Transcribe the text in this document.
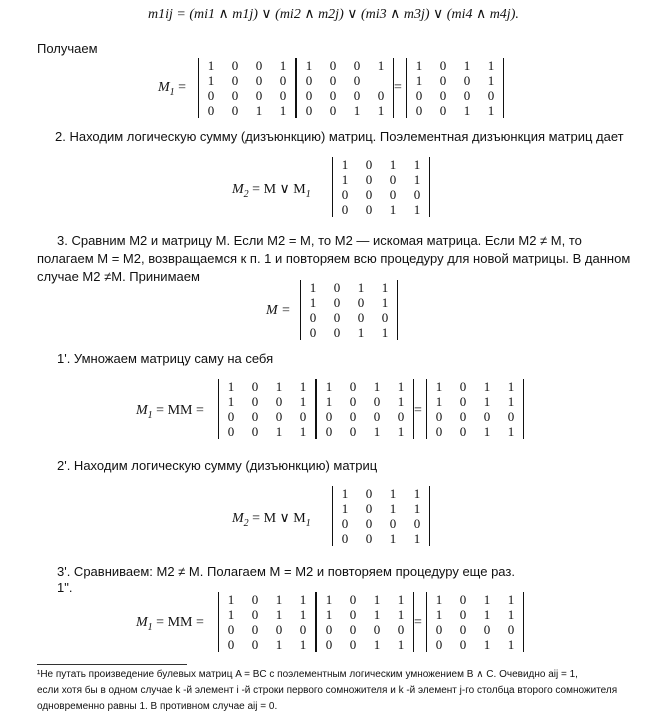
m1ij = (mi1 ∧ m1j) ∨ (mi2 ∧ m2j) ∨ (mi3 ∧ m3j) ∨ (mi4 ∧ m4j).
Получаем
$M_1$ =
1	0	0	1
1	0	0	0
0	0	0	0
0	0	1	1
1	0	0	1
0	0	0
0	0	0	0
0	0	1	1
=
1	0	1	1
1	0	0	1
0	0	0	0
0	0	1	1
2. Находим логическую сумму (дизъюнкцию) матриц. Поэлементная дизъюнкция матриц дает
$M_2 = M$ ∨ $M_1$
1	0	1	1
1	0	0	1
0	0	0	0
0	0	1	1
3. Сравним M2 и матрицу M. Если M2 = M, то M2 — искомая матрица. Если M2 ≠ M, то
полагаем M = M2, возвращаемся к п. 1 и повторяем всю процедуру для новой матрицы. В данном
случае M2 ≠M. Принимаем
M =
1	0	1	1
1	0	0	1
0	0	0	0
0	0	1	1
1'. Умножаем матрицу саму на себя
$M_1$ = MM =
1	0	1	1
1	0	0	1
0	0	0	0
0	0	1	1
1	0	1	1
1	0	0	1
0	0	0	0
0	0	1	1
=
1	0	1	1
1	0	1	1
0	0	0	0
0	0	1	1
2'. Находим логическую сумму (дизъюнкцию) матриц
$M_2 = M$ ∨ $M_1$
1	0	1	1
1	0	1	1
0	0	0	0
0	0	1	1
3'. Сравниваем: M2 ≠ M. Полагаем M = M2 и повторяем процедуру еще раз.
1".
$M_1$ = MM =
1	0	1	1
1	0	1	1
0	0	0	0
0	0	1	1
1	0	1	1
1	0	1	1
0	0	0	0
0	0	1	1
=
1	0	1	1
1	0	1	1
0	0	0	0
0	0	1	1
¹Не путать произведение булевых матриц A = BC с поэлементным логическим умножением B ∧ C. Очевидно aij = 1,
если хотя бы в одном случае k -й элемент i -й строки первого сомножителя и k -й элемент j-го столбца второго сомножителя
одновременно равны 1. В противном случае aij = 0.
